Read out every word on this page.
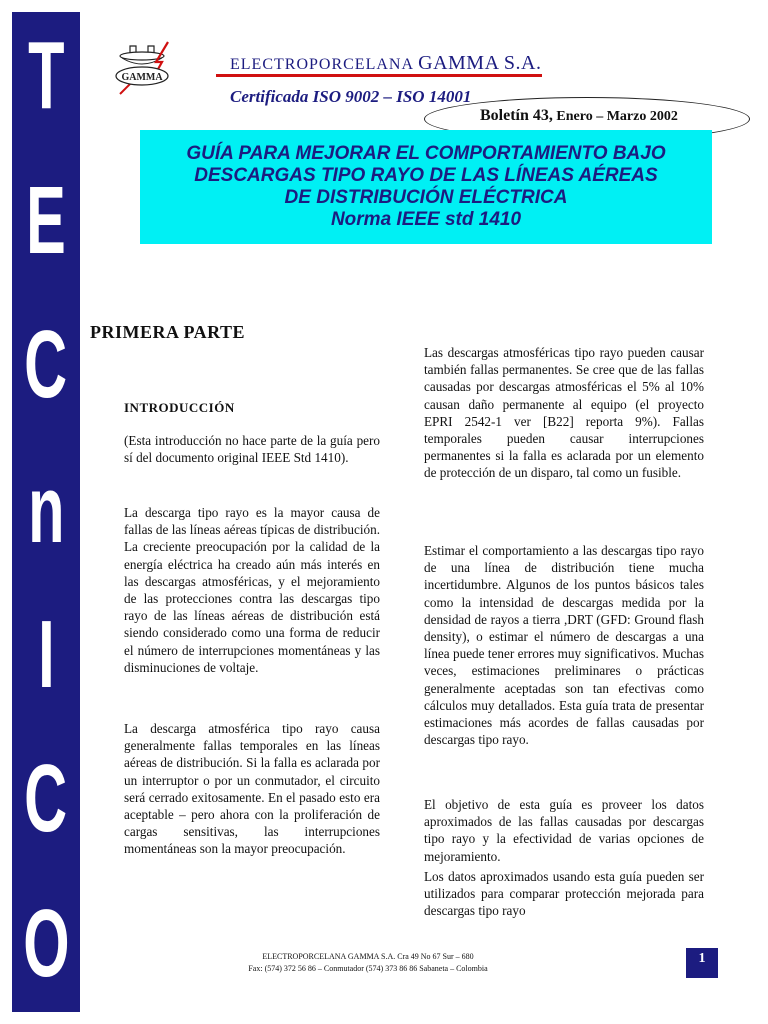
T
E
C
n
I
C
O
GAMMA
ELECTROPORCELANA GAMMA S.A.
Certificada ISO 9002 – ISO 14001
Boletín 43, Enero – Marzo 2002
GUÍA PARA MEJORAR EL COMPORTAMIENTO BAJO
DESCARGAS TIPO RAYO DE LAS LÍNEAS AÉREAS
DE DISTRIBUCIÓN ELÉCTRICA
Norma IEEE std 1410
PRIMERA PARTE
INTRODUCCIÓN

(Esta introducción no hace parte de la guía pero sí del documento original IEEE Std 1410).

La descarga tipo rayo es la mayor causa de fallas de las líneas aéreas típicas de distribución. La creciente preocupación por la calidad de la energía eléctrica ha creado aún más interés en las descargas atmosféricas, y el mejoramiento de las protecciones contra las descargas tipo rayo de las líneas aéreas de distribución está siendo considerado como una forma de reducir el número de interrupciones momentáneas y las disminuciones de voltaje.

La descarga atmosférica tipo rayo causa generalmente fallas temporales en las líneas aéreas de distribución. Si la falla es aclarada por un interruptor o por un conmutador, el circuito será cerrado exitosamente. En el pasado esto era aceptable – pero ahora con la proliferación de cargas sensitivas, las interrupciones momentáneas son la mayor preocupación.

Las descargas atmosféricas tipo rayo pueden causar también fallas permanentes. Se cree que de las fallas causadas por descargas atmosféricas el 5% al 10% causan daño permanente al equipo (el proyecto EPRI 2542-1 ver [B22] reporta 9%). Fallas temporales pueden causar interrupciones permanentes si la falla es aclarada por un elemento de protección de un disparo, tal como un fusible.

Estimar el comportamiento a las descargas tipo rayo de una línea de distribución tiene mucha incertidumbre. Algunos de los puntos básicos tales como la intensidad de descargas medida por la densidad de rayos a tierra ,DRT (GFD: Ground flash density), o estimar el número de descargas a una línea puede tener errores muy significativos. Muchas veces, estimaciones preliminares o prácticas generalmente aceptadas son tan efectivas como cálculos muy detallados. Esta guía trata de presentar estimaciones más acordes de fallas causadas por descargas tipo rayo.

El objetivo de esta guía es proveer los datos aproximados de las fallas causadas por descargas tipo rayo y la efectividad de varias opciones de mejoramiento.

Los datos aproximados usando esta guía pueden ser utilizados para comparar protección mejorada para descargas tipo rayo

ELECTROPORCELANA GAMMA S.A. Cra 49 No 67 Sur – 680
Fax: (574) 372 56 86 – Conmutador (574) 373 86 86 Sabaneta – Colombia
1
